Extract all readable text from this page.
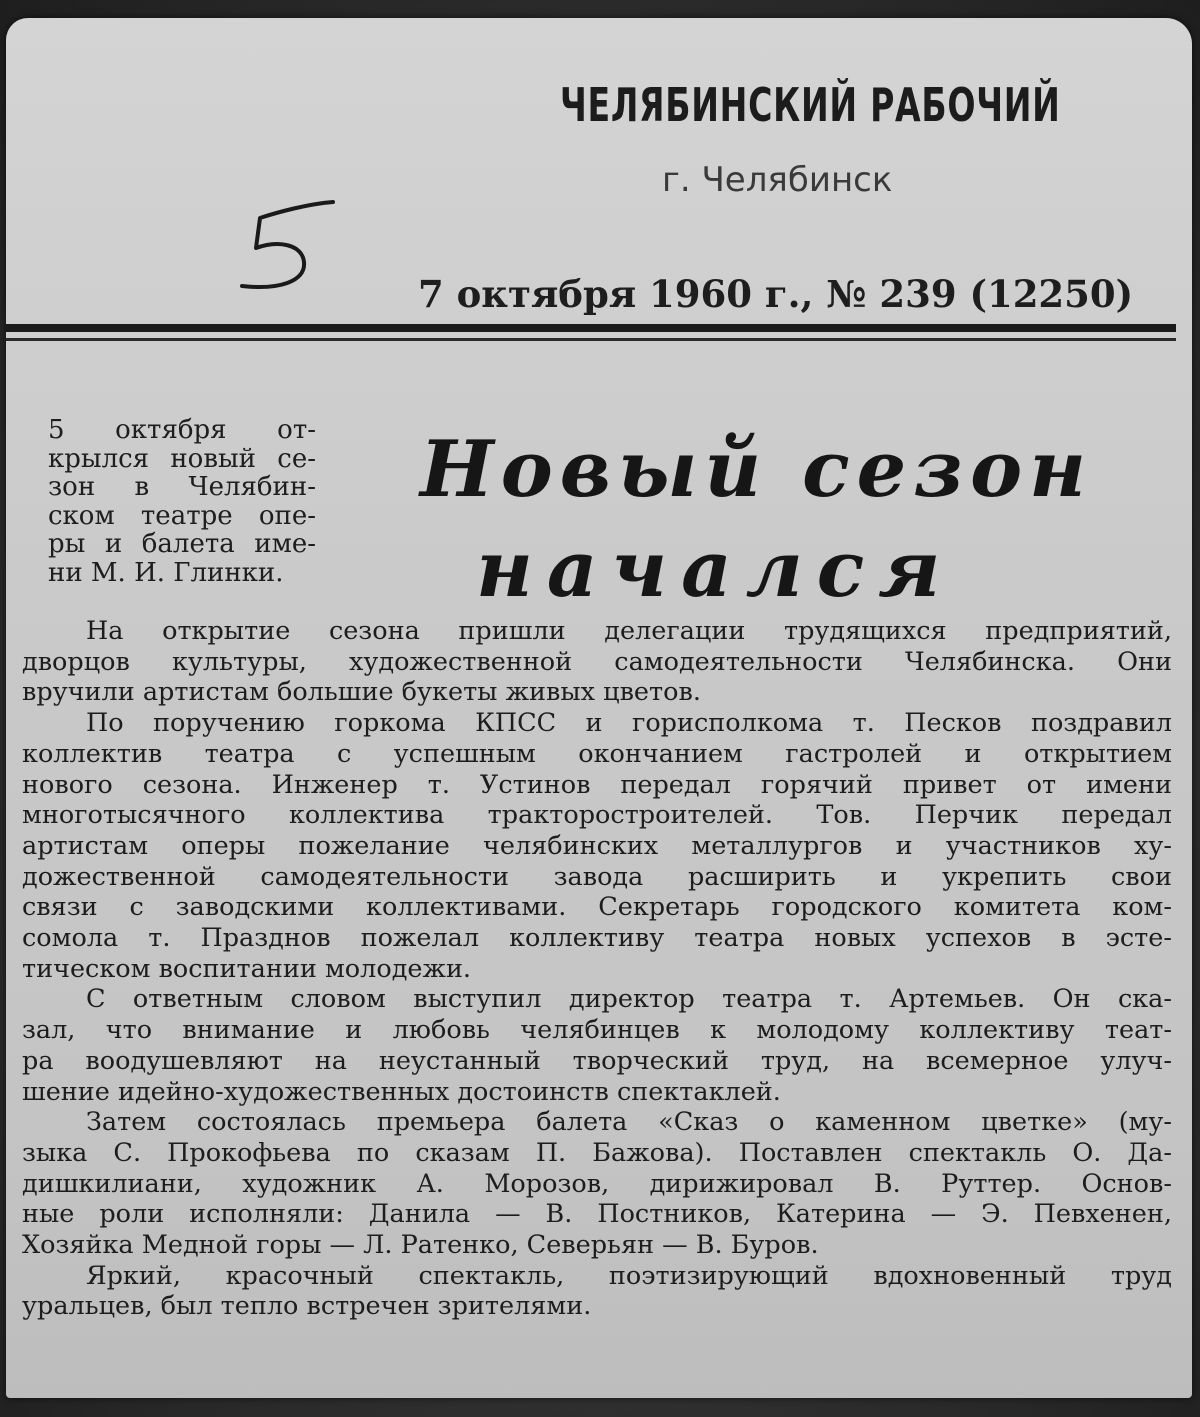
ЧЕЛЯБИНСКИЙ РАБОЧИЙ
г. Челябинск
7 октября 1960 г., № 239 (12250)
5 октября от-
крылся новый се-
зон в Челябин-
ском театре опе-
ры и балета име-
ни М. И. Глинки.
Новый сезон
начался
На открытие сезона пришли делегации трудящихся предприятий,
дворцов культуры, художественной самодеятельности Челябинска. Они
вручили артистам большие букеты живых цветов.
По поручению горкома КПСС и горисполкома т. Песков поздравил
коллектив театра с успешным окончанием гастролей и открытием
нового сезона. Инженер т. Устинов передал горячий привет от имени
многотысячного коллектива тракторостроителей. Тов. Перчик передал
артистам оперы пожелание челябинских металлургов и участников ху-
дожественной самодеятельности завода расширить и укрепить свои
связи с заводскими коллективами. Секретарь городского комитета ком-
сомола т. Празднов пожелал коллективу театра новых успехов в эсте-
тическом воспитании молодежи.
С ответным словом выступил директор театра т. Артемьев. Он ска-
зал, что внимание и любовь челябинцев к молодому коллективу теат-
ра воодушевляют на неустанный творческий труд, на всемерное улуч-
шение идейно-художественных достоинств спектаклей.
Затем состоялась премьера балета «Сказ о каменном цветке» (му-
зыка С. Прокофьева по сказам П. Бажова). Поставлен спектакль О. Да-
дишкилиани, художник А. Морозов, дирижировал В. Руттер. Основ-
ные роли исполняли: Данила — В. Постников, Катерина — Э. Певхенен,
Хозяйка Медной горы — Л. Ратенко, Северьян — В. Буров.
Яркий, красочный спектакль, поэтизирующий вдохновенный труд
уральцев, был тепло встречен зрителями.
